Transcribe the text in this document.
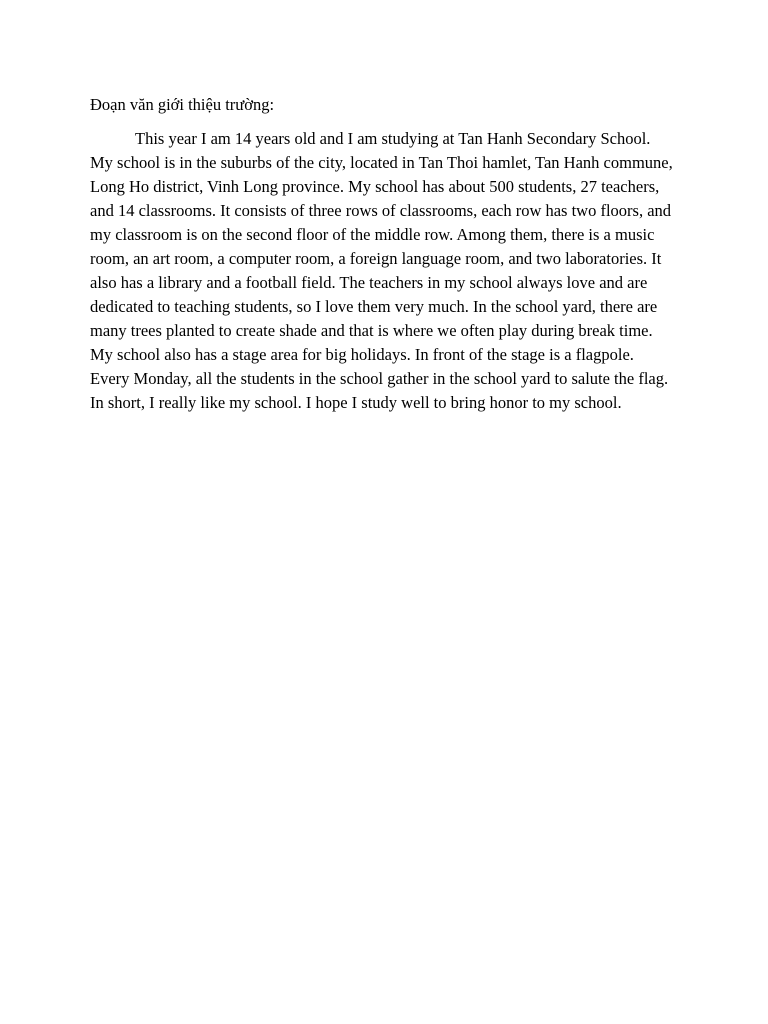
Đoạn văn giới thiệu trường:

This year I am 14 years old and I am studying at Tan Hanh Secondary School. My school is in the suburbs of the city, located in Tan Thoi hamlet, Tan Hanh commune, Long Ho district, Vinh Long province. My school has about 500 students, 27 teachers, and 14 classrooms. It consists of three rows of classrooms, each row has two floors, and my classroom is on the second floor of the middle row. Among them, there is a music room, an art room, a computer room, a foreign language room, and two laboratories. It also has a library and a football field. The teachers in my school always love and are dedicated to teaching students, so I love them very much. In the school yard, there are many trees planted to create shade and that is where we often play during break time. My school also has a stage area for big holidays. In front of the stage is a flagpole. Every Monday, all the students in the school gather in the school yard to salute the flag. In short, I really like my school. I hope I study well to bring honor to my school.
